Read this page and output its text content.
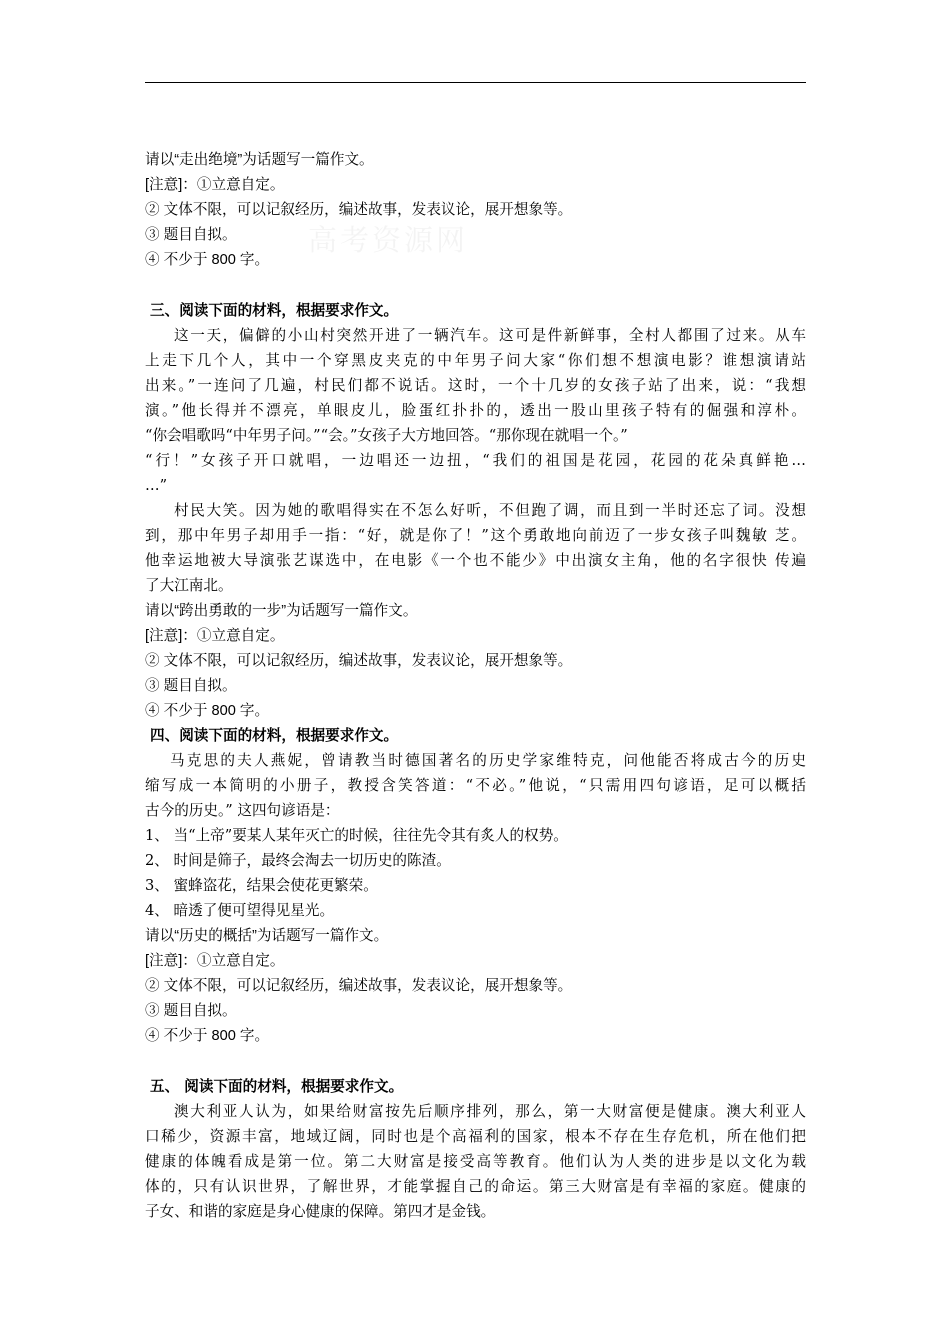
请以“走出绝境”为话题写一篇作文。
[注意]：①立意自定。
② 文体不限，可以记叙经历，编述故事，发表议论，展开想象等。
③ 题目自拟。
④ 不少于 800 字。
三、阅读下面的材料，根据要求作文。
这一天，偏僻的小山村突然开进了一辆汽车。这可是件新鲜事，全村人都围了过来。从车
上走下几个人，其中一个穿黑皮夹克的中年男子问大家“你们想不想演电影？谁想演请站
出来。”一连问了几遍，村民们都不说话。这时，一个十几岁的女孩子站了出来，说：“我想
演。”他长得并不漂亮，单眼皮儿，脸蛋红扑扑的，透出一股山里孩子特有的倔强和淳朴。
“你会唱歌吗“中年男子问。”“会。”女孩子大方地回答。“那你现在就唱一个。”
“行！”女孩子开口就唱，一边唱还一边扭，“我们的祖国是花园，花园的花朵真鲜艳…
…”
村民大笑。因为她的歌唱得实在不怎么好听，不但跑了调，而且到一半时还忘了词。没想
到，那中年男子却用手一指：“好，就是你了！”这个勇敢地向前迈了一步女孩子叫魏敏 芝。
他幸运地被大导演张艺谋选中，在电影《一个也不能少》中出演女主角，他的名字很快 传遍
了大江南北。
请以“跨出勇敢的一步”为话题写一篇作文。
[注意]：①立意自定。
② 文体不限，可以记叙经历，编述故事，发表议论，展开想象等。
③ 题目自拟。
④ 不少于 800 字。
四、阅读下面的材料，根据要求作文。
马克思的夫人燕妮，曾请教当时德国著名的历史学家维特克，问他能否将成古今的历史
缩写成一本简明的小册子，教授含笑答道：“不必。”他说，“只需用四句谚语，足可以概括
古今的历史。” 这四句谚语是：
1、 当“上帝”要某人某年灭亡的时候，往往先令其有炙人的权势。
2、 时间是筛子，最终会淘去一切历史的陈渣。
3、 蜜蜂盗花，结果会使花更繁荣。
4、 暗透了便可望得见星光。
请以“历史的概括”为话题写一篇作文。
[注意]：①立意自定。
② 文体不限，可以记叙经历，编述故事，发表议论，展开想象等。
③ 题目自拟。
④ 不少于 800 字。
五、 阅读下面的材料，根据要求作文。
澳大利亚人认为，如果给财富按先后顺序排列，那么，第一大财富便是健康。澳大利亚人
口稀少，资源丰富，地域辽阔，同时也是个高福利的国家，根本不存在生存危机，所在他们把
健康的体魄看成是第一位。第二大财富是接受高等教育。他们认为人类的进步是以文化为载
体的，只有认识世界，了解世界，才能掌握自己的命运。第三大财富是有幸福的家庭。健康的
子女、和谐的家庭是身心健康的保障。第四才是金钱。
